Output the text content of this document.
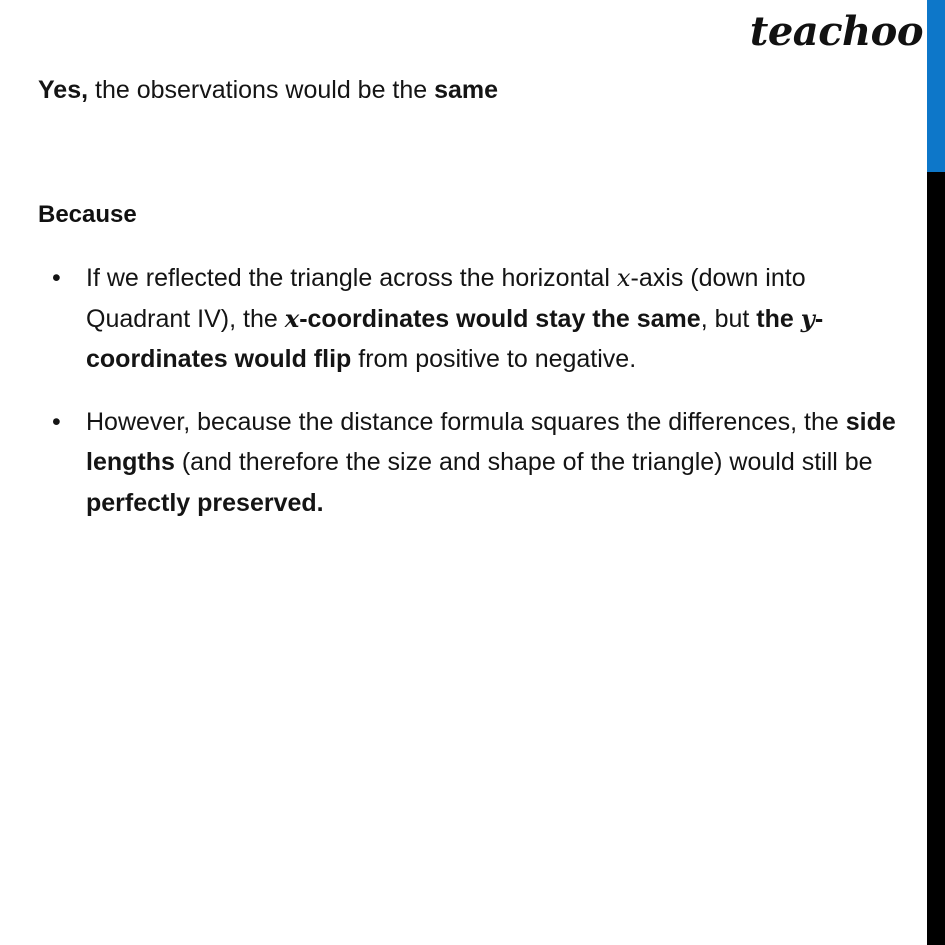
teachoo
Yes, the observations would be the same
Because
• If we reflected the triangle across the horizontal x-axis (down into Quadrant IV), the x-coordinates would stay the same, but the y-coordinates would flip from positive to negative.
• However, because the distance formula squares the differences, the side lengths (and therefore the size and shape of the triangle) would still be perfectly preserved.
